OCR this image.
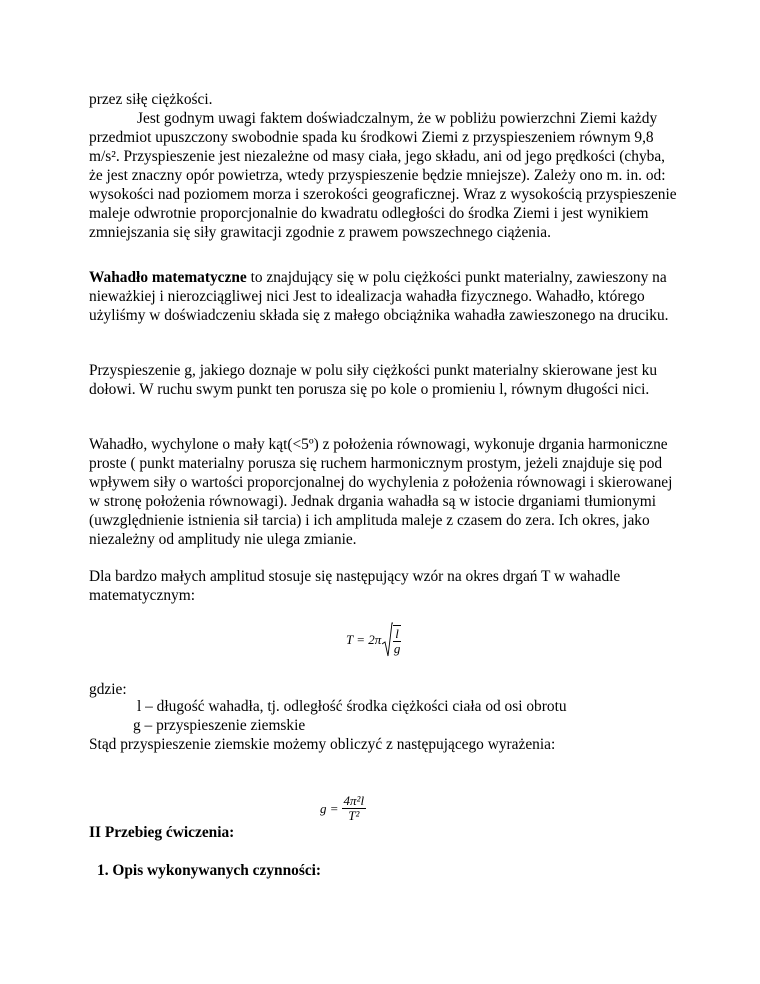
przez siłę ciężkości.

Jest godnym uwagi faktem doświadczalnym, że w pobliżu powierzchni Ziemi każdy przedmiot upuszczony swobodnie spada ku środkowi Ziemi z przyspieszeniem równym 9,8 m/s². Przyspieszenie jest niezależne od masy ciała, jego składu, ani od jego prędkości (chyba, że jest znaczny opór powietrza, wtedy przyspieszenie będzie mniejsze). Zależy ono m. in. od: wysokości nad poziomem morza i szerokości geograficznej. Wraz z wysokością przyspieszenie maleje odwrotnie proporcjonalnie do kwadratu odległości do środka Ziemi i jest wynikiem zmniejszania się siły grawitacji zgodnie z prawem powszechnego ciążenia.

Wahadło matematyczne to znajdujący się w polu ciężkości punkt materialny, zawieszony na nieważkiej i nierozciągliwej nici Jest to idealizacja wahadła fizycznego. Wahadło, którego użyliśmy w doświadczeniu składa się z małego obciążnika wahadła zawieszonego na druciku.

Przyspieszenie g, jakiego doznaje w polu siły ciężkości punkt materialny skierowane jest ku dołowi. W ruchu swym punkt ten porusza się po kole o promieniu l, równym długości nici.

Wahadło, wychylone o mały kąt(<5º) z położenia równowagi, wykonuje drgania harmoniczne proste ( punkt materialny porusza się ruchem harmonicznym prostym, jeżeli znajduje się pod wpływem siły o wartości proporcjonalnej do wychylenia z położenia równowagi i skierowanej w stronę położenia równowagi). Jednak drgania wahadła są w istocie drganiami tłumionymi (uwzględnienie istnienia sił tarcia) i ich amplituda maleje z czasem do zera. Ich okres, jako niezależny od amplitudy nie ulega zmianie.

Dla bardzo małych amplitud stosuje się następujący wzór na okres drgań T w wahadle matematycznym:

$T = 2\pi \frac{l}{g}$

gdzie:

l – długość wahadła, tj. odległość środka ciężkości ciała od osi obrotu
g – przyspieszenie ziemskie

Stąd przyspieszenie ziemskie możemy obliczyć z następującego wyrażenia:

$g = \frac{\text{4π²l}}{\text{T²}}$
II Przebieg ćwiczenia:
1. Opis wykonywanych czynności:
